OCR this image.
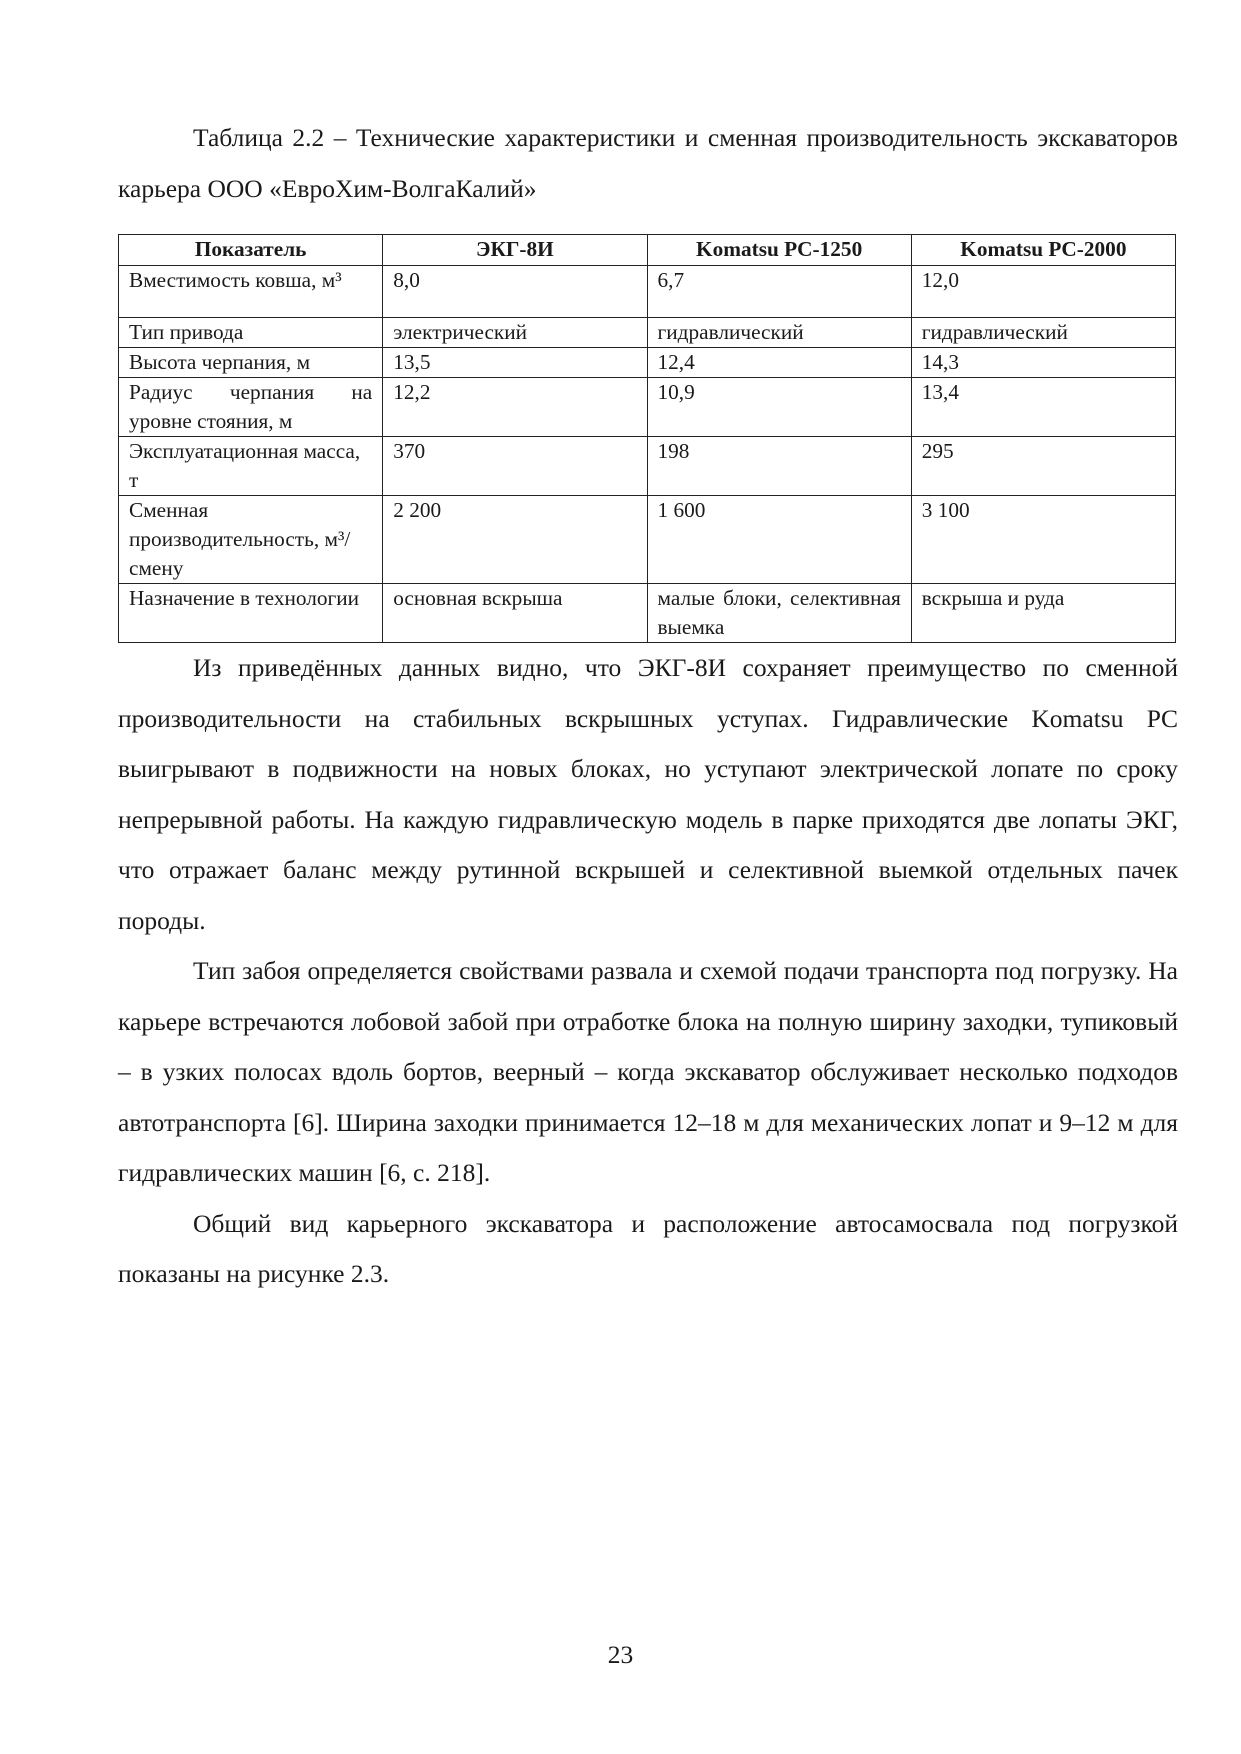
Таблица 2.2 – Технические характеристики и сменная производительность экскаваторов карьера ООО «ЕвроХим-ВолгаКалий»

Показатель	ЭКГ-8И	Komatsu PC-1250	Komatsu PC-2000
Вместимость ковша, м³	8,0	6,7	12,0
Тип привода	электрический	гидравлический	гидравлический
Высота черпания, м	13,5	12,4	14,3
Радиус черпания на уровне стояния, м	12,2	10,9	13,4
Эксплуатационная масса, т	370	198	295
Сменная производительность, м³/смену	2 200	1 600	3 100
Назначение в технологии	основная вскрыша	малые блоки, селективная выемка	вскрыша и руда

Из приведённых данных видно, что ЭКГ-8И сохраняет преимущество по сменной производительности на стабильных вскрышных уступах. Гидравлические Komatsu PC выигрывают в подвижности на новых блоках, но уступают электрической лопате по сроку непрерывной работы. На каждую гидравлическую модель в парке приходятся две лопаты ЭКГ, что отражает баланс между рутинной вскрышей и селективной выемкой отдельных пачек породы.

Тип забоя определяется свойствами развала и схемой подачи транспорта под погрузку. На карьере встречаются лобовой забой при отработке блока на полную ширину заходки, тупиковый – в узких полосах вдоль бортов, веерный – когда экскаватор обслуживает несколько подходов автотранспорта [6]. Ширина заходки принимается 12–18 м для механических лопат и 9–12 м для гидравлических машин [6, с. 218].

Общий вид карьерного экскаватора и расположение автосамосвала под погрузкой показаны на рисунке 2.3.

23
